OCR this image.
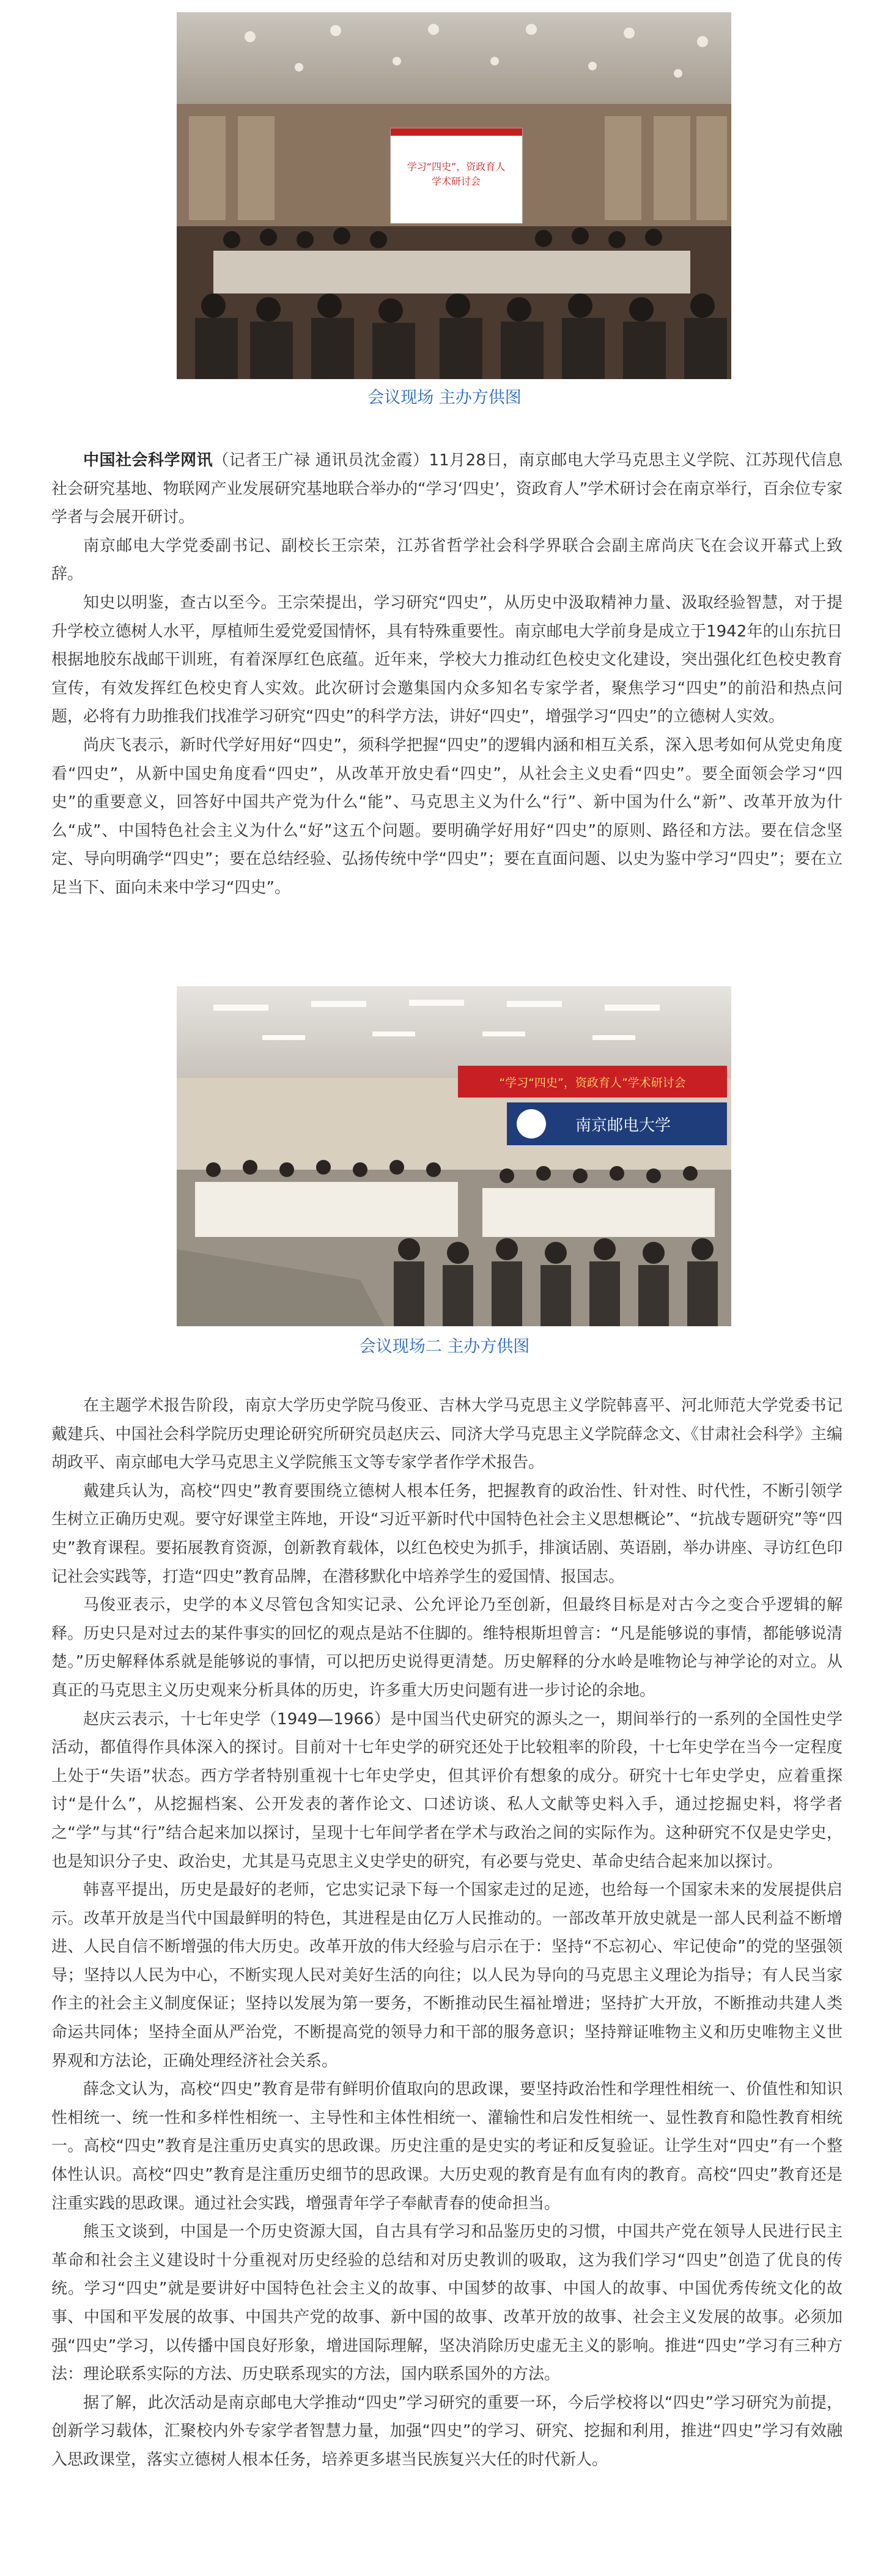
学习“四史”，资政育人
学术研讨会
会议现场 主办方供图

中国社会科学网讯（记者王广禄 通讯员沈金霞）11月28日，南京邮电大学马克思主义学院、江苏现代信息社会研究基地、物联网产业发展研究基地联合举办的“学习‘四史’，资政育人”学术研讨会在南京举行，百余位专家学者与会展开研讨。

南京邮电大学党委副书记、副校长王宗荣，江苏省哲学社会科学界联合会副主席尚庆飞在会议开幕式上致辞。

知史以明鉴，查古以至今。王宗荣提出，学习研究“四史”，从历史中汲取精神力量、汲取经验智慧，对于提升学校立德树人水平，厚植师生爱党爱国情怀，具有特殊重要性。南京邮电大学前身是成立于1942年的山东抗日根据地胶东战邮干训班，有着深厚红色底蕴。近年来，学校大力推动红色校史文化建设，突出强化红色校史教育宣传，有效发挥红色校史育人实效。此次研讨会邀集国内众多知名专家学者，聚焦学习“四史”的前沿和热点问题，必将有力助推我们找准学习研究“四史”的科学方法，讲好“四史”，增强学习“四史”的立德树人实效。

尚庆飞表示，新时代学好用好“四史”，须科学把握“四史”的逻辑内涵和相互关系，深入思考如何从党史角度看“四史”，从新中国史角度看“四史”，从改革开放史看“四史”，从社会主义史看“四史”。要全面领会学习“四史”的重要意义，回答好中国共产党为什么“能”、马克思主义为什么“行”、新中国为什么“新”、改革开放为什么“成”、中国特色社会主义为什么“好”这五个问题。要明确学好用好“四史”的原则、路径和方法。要在信念坚定、导向明确学“四史”；要在总结经验、弘扬传统中学“四史”；要在直面问题、以史为鉴中学习“四史”；要在立足当下、面向未来中学习“四史”。

“学习“四史”，资政育人”学术研讨会
南京邮电大学
会议现场二 主办方供图

在主题学术报告阶段，南京大学历史学院马俊亚、吉林大学马克思主义学院韩喜平、河北师范大学党委书记戴建兵、中国社会科学院历史理论研究所研究员赵庆云、同济大学马克思主义学院薛念文、《甘肃社会科学》主编胡政平、南京邮电大学马克思主义学院熊玉文等专家学者作学术报告。

戴建兵认为，高校“四史”教育要围绕立德树人根本任务，把握教育的政治性、针对性、时代性，不断引领学生树立正确历史观。要守好课堂主阵地，开设“习近平新时代中国特色社会主义思想概论”、“抗战专题研究”等“四史”教育课程。要拓展教育资源，创新教育载体，以红色校史为抓手，排演话剧、英语剧，举办讲座、寻访红色印记社会实践等，打造“四史”教育品牌，在潜移默化中培养学生的爱国情、报国志。

马俊亚表示，史学的本义尽管包含知实记录、公允评论乃至创新，但最终目标是对古今之变合乎逻辑的解释。历史只是对过去的某件事实的回忆的观点是站不住脚的。维特根斯坦曾言：“凡是能够说的事情，都能够说清楚。”历史解释体系就是能够说的事情，可以把历史说得更清楚。历史解释的分水岭是唯物论与神学论的对立。从真正的马克思主义历史观来分析具体的历史，许多重大历史问题有进一步讨论的余地。

赵庆云表示，十七年史学（1949—1966）是中国当代史研究的源头之一，期间举行的一系列的全国性史学活动，都值得作具体深入的探讨。目前对十七年史学的研究还处于比较粗率的阶段，十七年史学在当今一定程度上处于“失语”状态。西方学者特别重视十七年史学史，但其评价有想象的成分。研究十七年史学史，应着重探讨“是什么”，从挖掘档案、公开发表的著作论文、口述访谈、私人文献等史料入手，通过挖掘史料，将学者之“学”与其“行”结合起来加以探讨，呈现十七年间学者在学术与政治之间的实际作为。这种研究不仅是史学史，也是知识分子史、政治史，尤其是马克思主义史学史的研究，有必要与党史、革命史结合起来加以探讨。

韩喜平提出，历史是最好的老师，它忠实记录下每一个国家走过的足迹，也给每一个国家未来的发展提供启示。改革开放是当代中国最鲜明的特色，其进程是由亿万人民推动的。一部改革开放史就是一部人民利益不断增进、人民自信不断增强的伟大历史。改革开放的伟大经验与启示在于：坚持“不忘初心、牢记使命”的党的坚强领导；坚持以人民为中心，不断实现人民对美好生活的向往；以人民为导向的马克思主义理论为指导；有人民当家作主的社会主义制度保证；坚持以发展为第一要务，不断推动民生福祉增进；坚持扩大开放，不断推动共建人类命运共同体；坚持全面从严治党，不断提高党的领导力和干部的服务意识；坚持辩证唯物主义和历史唯物主义世界观和方法论，正确处理经济社会关系。

薛念文认为，高校“四史”教育是带有鲜明价值取向的思政课，要坚持政治性和学理性相统一、价值性和知识性相统一、统一性和多样性相统一、主导性和主体性相统一、灌输性和启发性相统一、显性教育和隐性教育相统一。高校“四史”教育是注重历史真实的思政课。历史注重的是史实的考证和反复验证。让学生对“四史”有一个整体性认识。高校“四史”教育是注重历史细节的思政课。大历史观的教育是有血有肉的教育。高校“四史”教育还是注重实践的思政课。通过社会实践，增强青年学子奉献青春的使命担当。

熊玉文谈到，中国是一个历史资源大国，自古具有学习和品鉴历史的习惯，中国共产党在领导人民进行民主革命和社会主义建设时十分重视对历史经验的总结和对历史教训的吸取，这为我们学习“四史”创造了优良的传统。学习“四史”就是要讲好中国特色社会主义的故事、中国梦的故事、中国人的故事、中国优秀传统文化的故事、中国和平发展的故事、中国共产党的故事、新中国的故事、改革开放的故事、社会主义发展的故事。必须加强“四史”学习，以传播中国良好形象，增进国际理解，坚决消除历史虚无主义的影响。推进“四史”学习有三种方法：理论联系实际的方法、历史联系现实的方法，国内联系国外的方法。

据了解，此次活动是南京邮电大学推动“四史”学习研究的重要一环，今后学校将以“四史”学习研究为前提，创新学习载体，汇聚校内外专家学者智慧力量，加强“四史”的学习、研究、挖掘和利用，推进“四史”学习有效融入思政课堂，落实立德树人根本任务，培养更多堪当民族复兴大任的时代新人。
